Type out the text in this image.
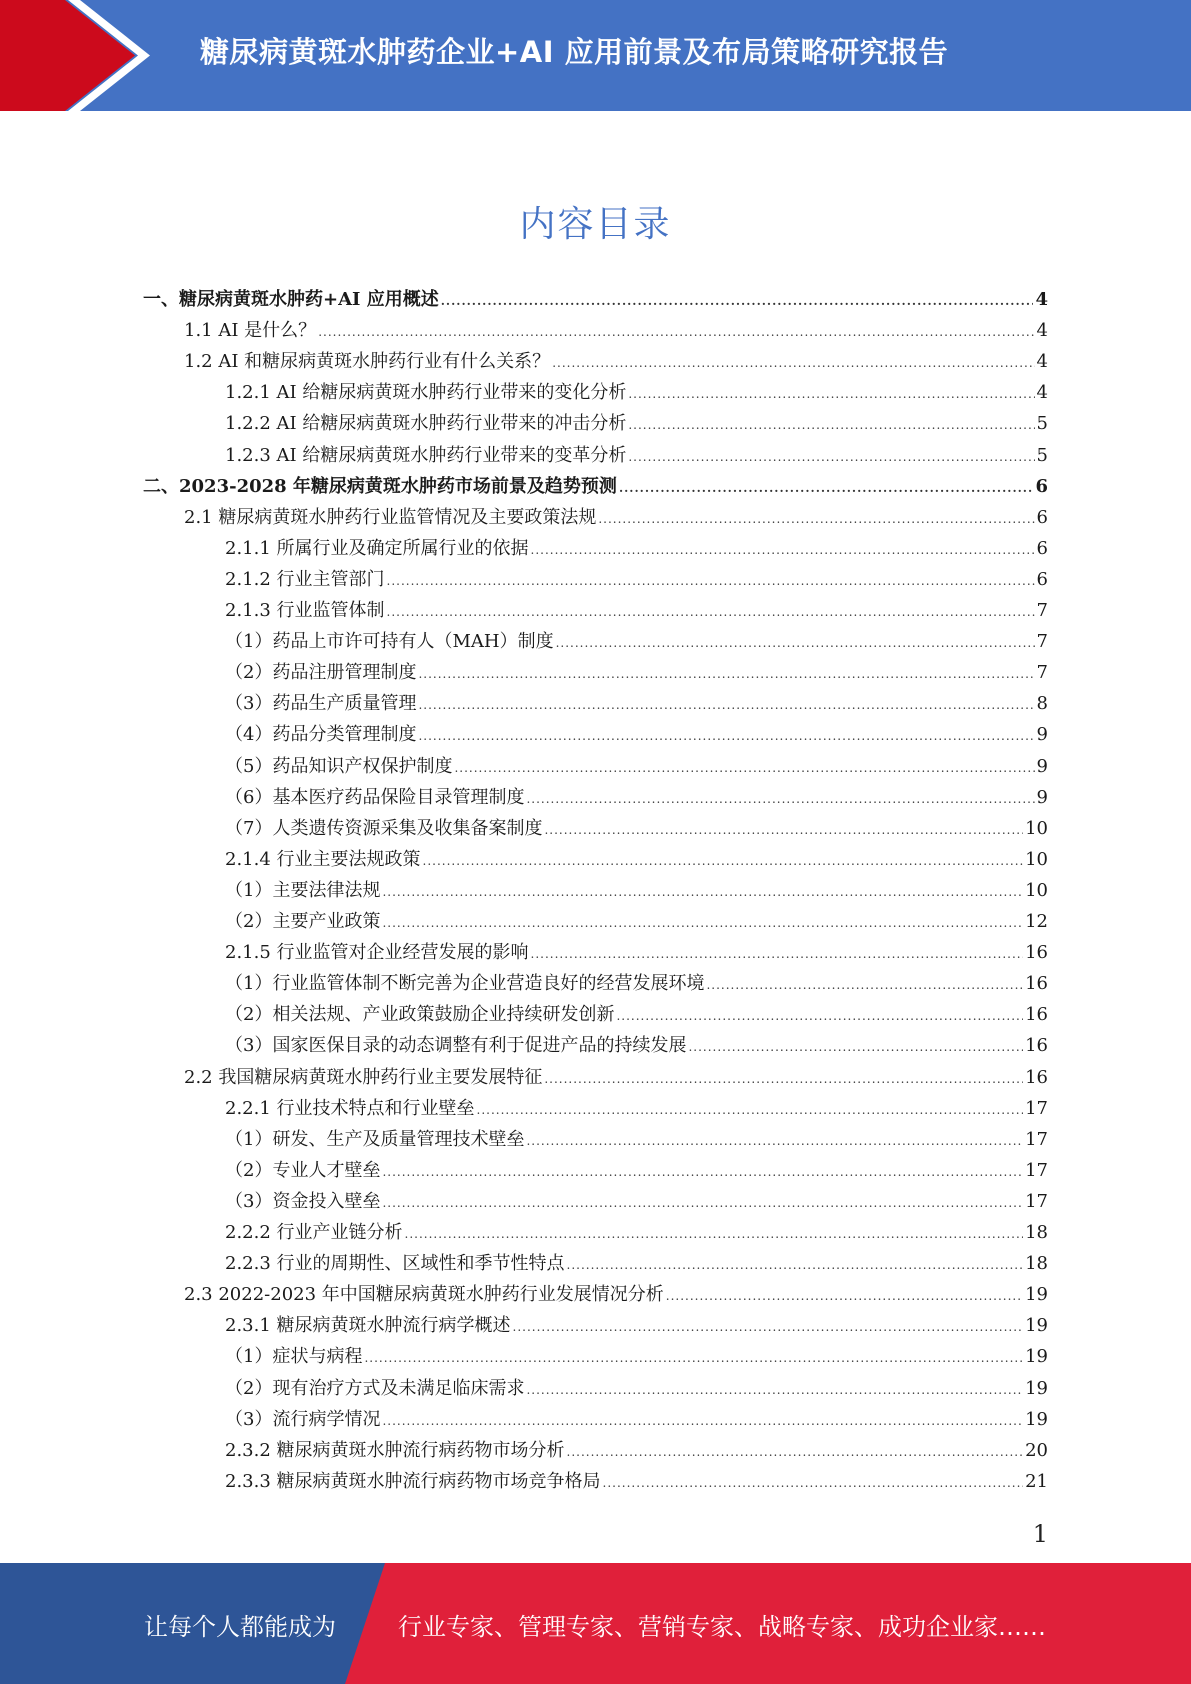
糖尿病黄斑水肿药企业+AI 应用前景及布局策略研究报告
内容目录
一、糖尿病黄斑水肿药+AI 应用概述 .....	4
1.1 AI 是什么？ .....	4
1.2 AI 和糖尿病黄斑水肿药行业有什么关系？ .....	4
1.2.1 AI 给糖尿病黄斑水肿药行业带来的变化分析 .....	4
1.2.2 AI 给糖尿病黄斑水肿药行业带来的冲击分析 .....	5
1.2.3 AI 给糖尿病黄斑水肿药行业带来的变革分析 .....	5
二、2023-2028 年糖尿病黄斑水肿药市场前景及趋势预测 .....	6
2.1 糖尿病黄斑水肿药行业监管情况及主要政策法规 .....	6
2.1.1 所属行业及确定所属行业的依据 .....	6
2.1.2 行业主管部门 .....	6
2.1.3 行业监管体制 .....	7
（1）药品上市许可持有人（MAH）制度 .....	7
（2）药品注册管理制度 .....	7
（3）药品生产质量管理 .....	8
（4）药品分类管理制度 .....	9
（5）药品知识产权保护制度 .....	9
（6）基本医疗药品保险目录管理制度 .....	9
（7）人类遗传资源采集及收集备案制度 .....	10
2.1.4 行业主要法规政策 .....	10
（1）主要法律法规 .....	10
（2）主要产业政策 .....	12
2.1.5 行业监管对企业经营发展的影响 .....	16
（1）行业监管体制不断完善为企业营造良好的经营发展环境 .....	16
（2）相关法规、产业政策鼓励企业持续研发创新 .....	16
（3）国家医保目录的动态调整有利于促进产品的持续发展 .....	16
2.2 我国糖尿病黄斑水肿药行业主要发展特征 .....	16
2.2.1 行业技术特点和行业壁垒 .....	17
（1）研发、生产及质量管理技术壁垒 .....	17
（2）专业人才壁垒 .....	17
（3）资金投入壁垒 .....	17
2.2.2 行业产业链分析 .....	18
2.2.3 行业的周期性、区域性和季节性特点 .....	18
2.3 2022-2023 年中国糖尿病黄斑水肿药行业发展情况分析 .....	19
2.3.1 糖尿病黄斑水肿流行病学概述 .....	19
（1）症状与病程 .....	19
（2）现有治疗方式及未满足临床需求 .....	19
（3）流行病学情况 .....	19
2.3.2 糖尿病黄斑水肿流行病药物市场分析 .....	20
2.3.3 糖尿病黄斑水肿流行病药物市场竞争格局 .....	21
1
让每个人都能成为	行业专家、管理专家、营销专家、战略专家、成功企业家……
